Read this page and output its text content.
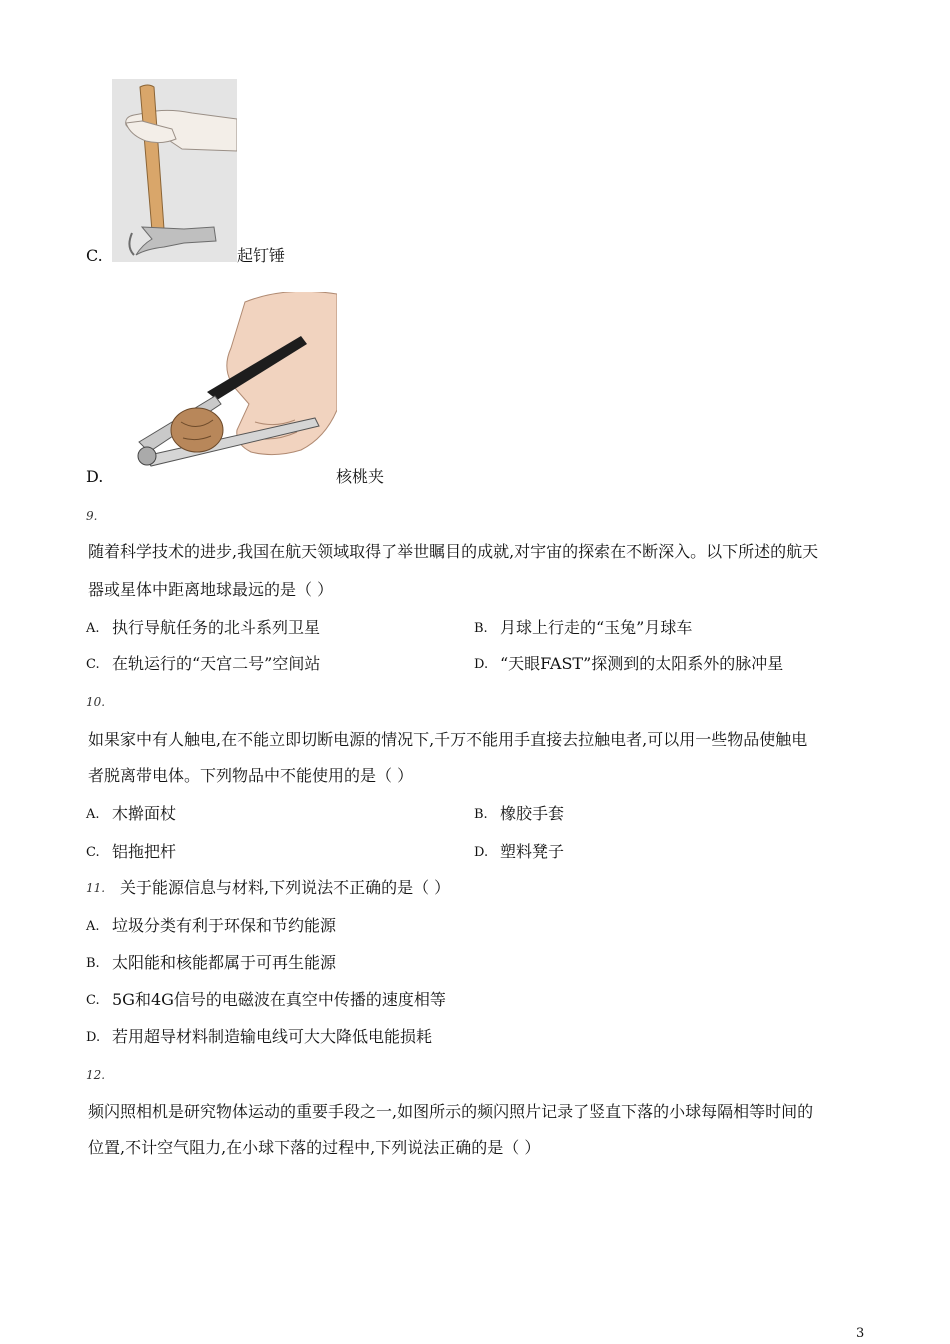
C.	起钉锤
D.	核桃夹
9.
随着科学技术的进步,我国在航天领域取得了举世瞩目的成就,对宇宙的探索在不断深入。以下所述的航天
器或星体中距离地球最远的是（ ）
A. 执行导航任务的北斗系列卫星	B. 月球上行走的“玉兔”月球车
C. 在轨运行的“天宫二号”空间站	D. “天眼FAST”探测到的太阳系外的脉冲星
10.
如果家中有人触电,在不能立即切断电源的情况下,千万不能用手直接去拉触电者,可以用一些物品使触电
者脱离带电体。下列物品中不能使用的是（ ）
A. 木擀面杖	B. 橡胶手套
C. 铝拖把杆	D. 塑料凳子
11. 关于能源信息与材料,下列说法不正确的是（ ）
A. 垃圾分类有利于环保和节约能源
B. 太阳能和核能都属于可再生能源
C. 5G和4G信号的电磁波在真空中传播的速度相等
D. 若用超导材料制造输电线可大大降低电能损耗
12.
频闪照相机是研究物体运动的重要手段之一,如图所示的频闪照片记录了竖直下落的小球每隔相等时间的
位置,不计空气阻力,在小球下落的过程中,下列说法正确的是（ ）
3
